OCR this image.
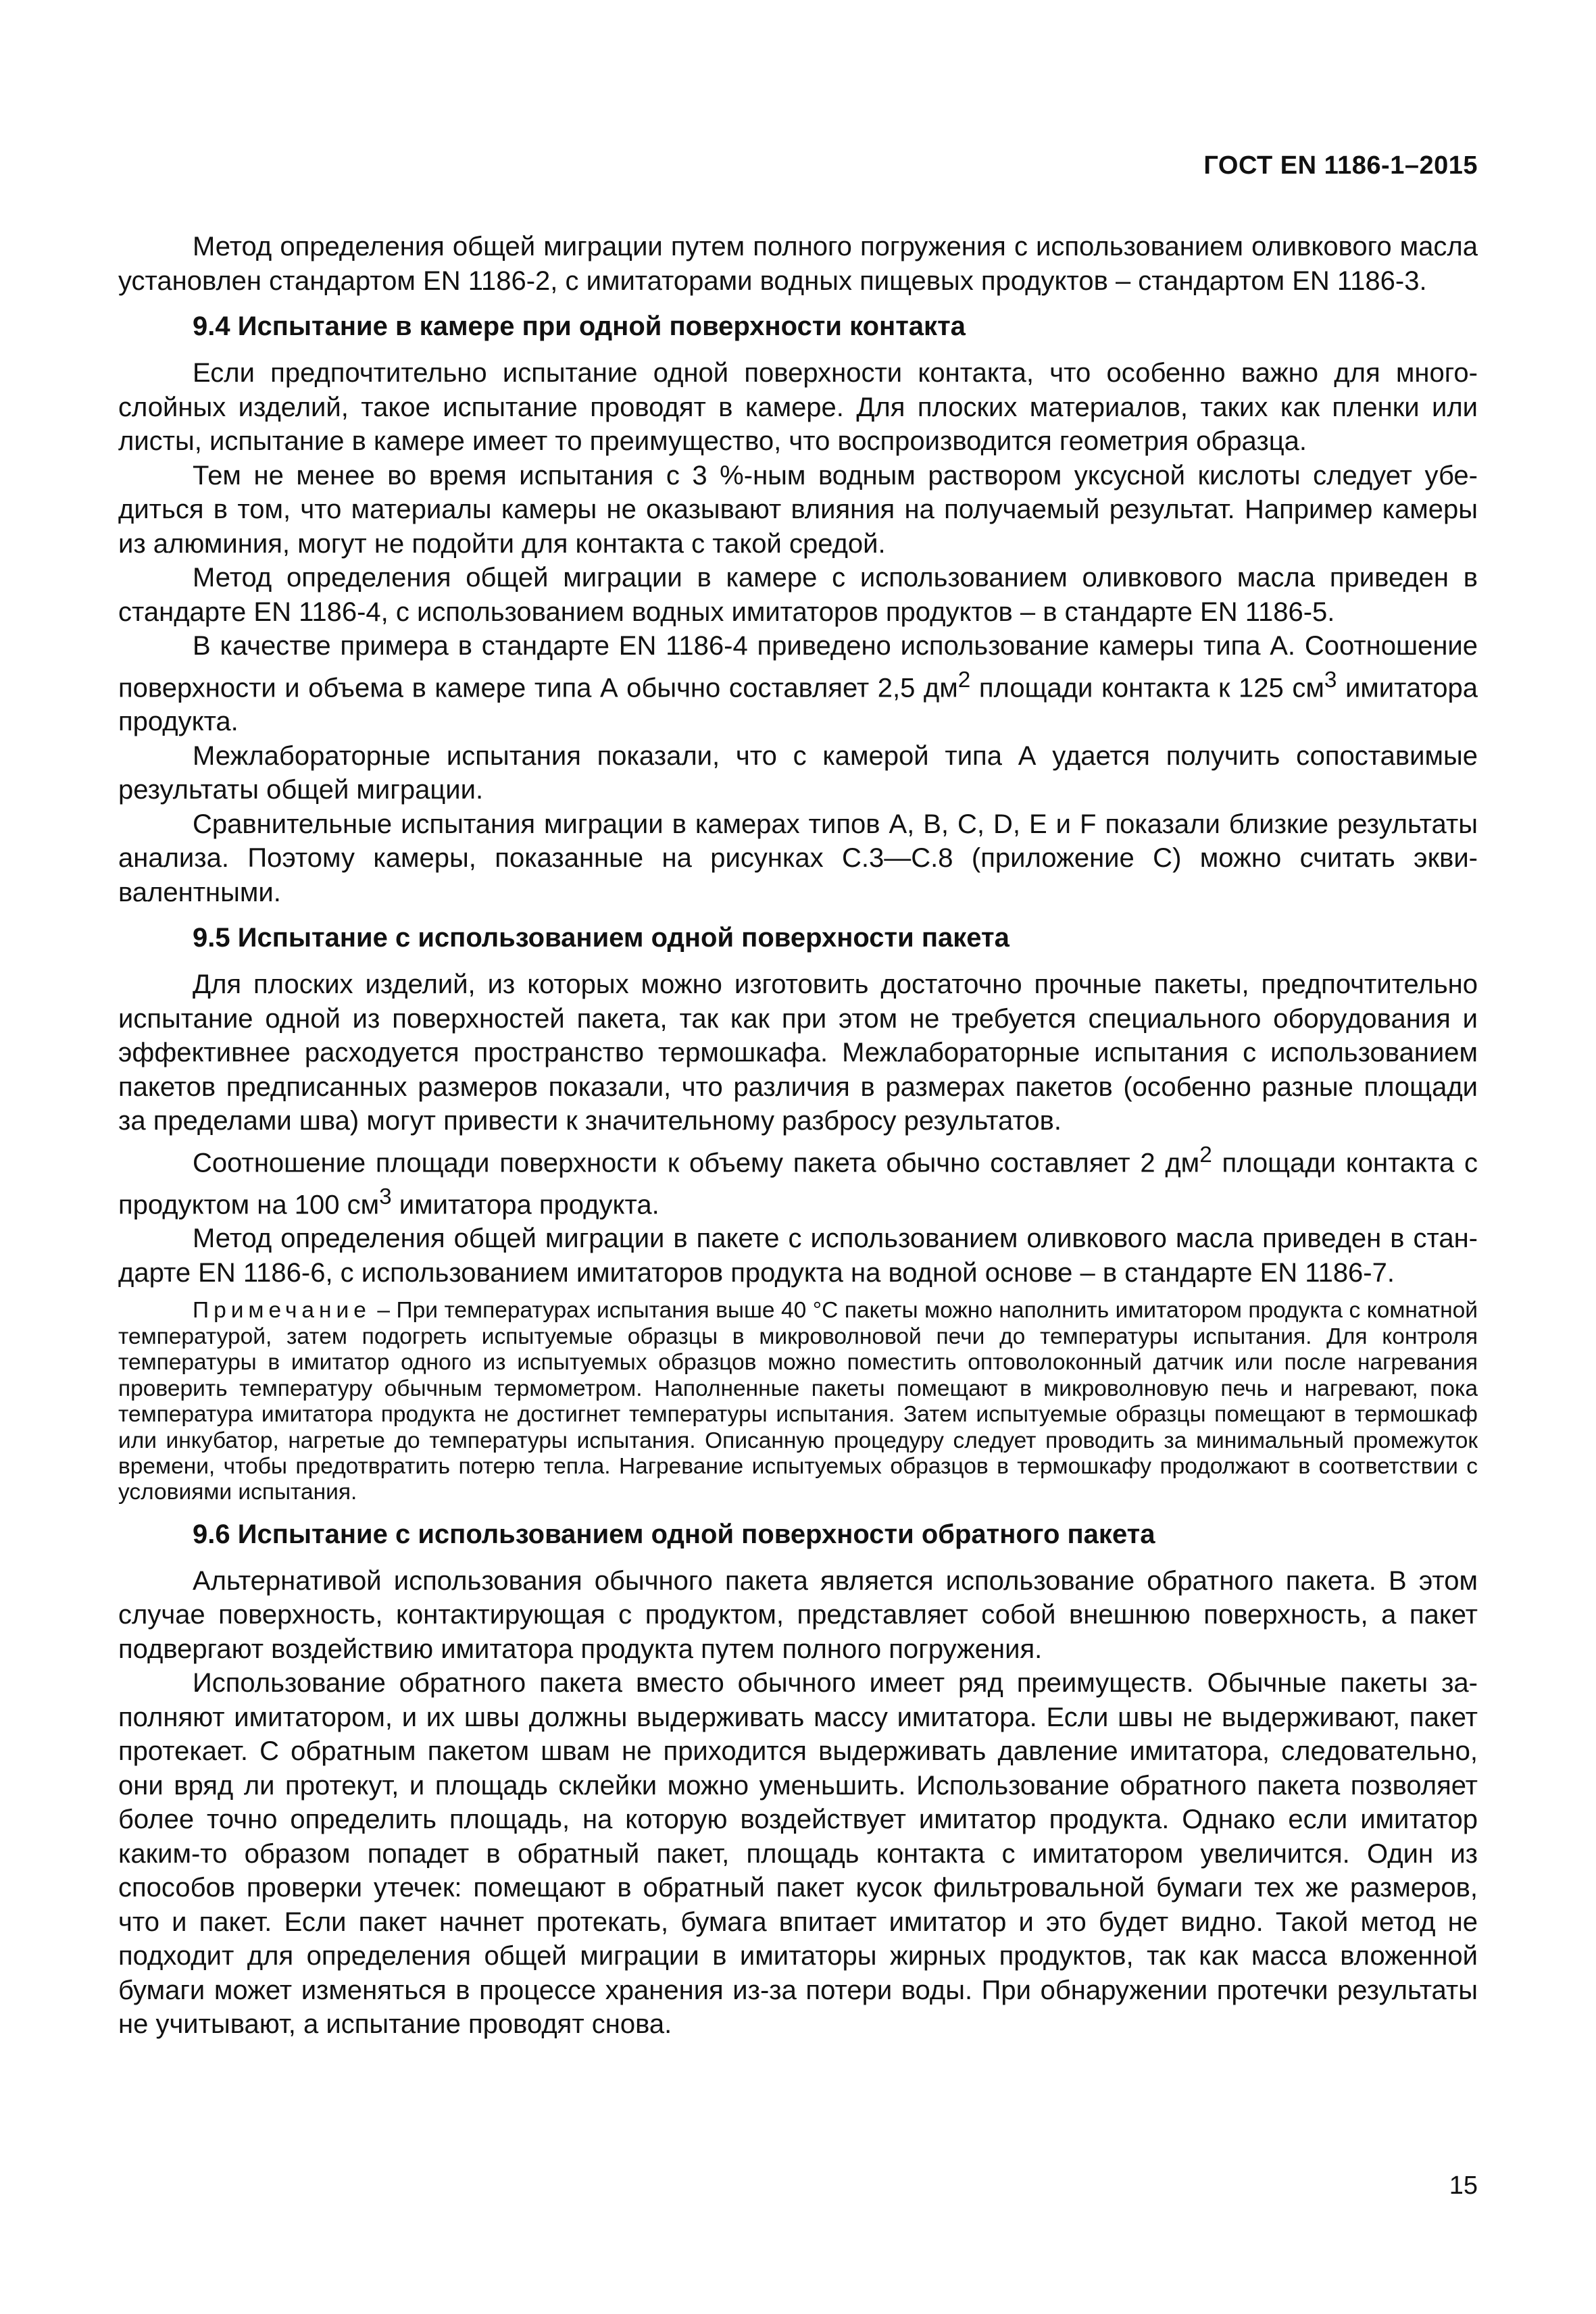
ГОСТ EN 1186-1–2015

Метод определения общей миграции путем полного погружения с использованием оливкового масла установлен стандартом EN 1186-2, с имитаторами водных пищевых продуктов – стандартом EN 1186-3.

9.4 Испытание в камере при одной поверхности контакта

Если предпочтительно испытание одной поверхности контакта, что особенно важно для многослойных изделий, такое испытание проводят в камере. Для плоских материалов, таких как пленки или листы, испытание в камере имеет то преимущество, что воспроизводится геометрия образца.

Тем не менее во время испытания с 3 %-ным водным раствором уксусной кислоты следует убедиться в том, что материалы камеры не оказывают влияния на получаемый результат. Например камеры из алюминия, могут не подойти для контакта с такой средой.

Метод определения общей миграции в камере с использованием оливкового масла приведен в стандарте EN 1186-4, с использованием водных имитаторов продуктов – в стандарте EN 1186-5.

В качестве примера в стандарте EN 1186-4 приведено использование камеры типа А. Соотношение поверхности и объема в камере типа А обычно составляет 2,5 $дм^2$ площади контакта к 125 $см^3$ имитатора продукта.

Межлабораторные испытания показали, что с камерой типа А удается получить сопоставимые результаты общей миграции.

Сравнительные испытания миграции в камерах типов А, В, С, D, Е и F показали близкие результаты анализа. Поэтому камеры, показанные на рисунках С.3—С.8 (приложение С) можно считать эквивалентными.

9.5 Испытание с использованием одной поверхности пакета

Для плоских изделий, из которых можно изготовить достаточно прочные пакеты, предпочтительно испытание одной из поверхностей пакета, так как при этом не требуется специального оборудования и эффективнее расходуется пространство термошкафа. Межлабораторные испытания с использованием пакетов предписанных размеров показали, что различия в размерах пакетов (особенно разные площади за пределами шва) могут привести к значительному разбросу результатов.

Соотношение площади поверхности к объему пакета обычно составляет 2 $дм^2$ площади контакта с продуктом на 100 $см^3$ имитатора продукта.

Метод определения общей миграции в пакете с использованием оливкового масла приведен в стандарте EN 1186-6, с использованием имитаторов продукта на водной основе – в стандарте EN 1186-7.

Примечание – При температурах испытания выше 40 °С пакеты можно наполнить имитатором продукта с комнатной температурой, затем подогреть испытуемые образцы в микроволновой печи до температуры испытания. Для контроля температуры в имитатор одного из испытуемых образцов можно поместить оптоволоконный датчик или после нагревания проверить температуру обычным термометром. Наполненные пакеты помещают в микроволновую печь и нагревают, пока температура имитатора продукта не достигнет температуры испытания. Затем испытуемые образцы помещают в термошкаф или инкубатор, нагретые до температуры испытания. Описанную процедуру следует проводить за минимальный промежуток времени, чтобы предотвратить потерю тепла. Нагревание испытуемых образцов в термошкафу продолжают в соответствии с условиями испытания.
9.6 Испытание с использованием одной поверхности обратного пакета

Альтернативой использования обычного пакета является использование обратного пакета. В этом случае поверхность, контактирующая с продуктом, представляет собой внешнюю поверхность, а пакет подвергают воздействию имитатора продукта путем полного погружения.

Использование обратного пакета вместо обычного имеет ряд преимуществ. Обычные пакеты заполняют имитатором, и их швы должны выдерживать массу имитатора. Если швы не выдерживают, пакет протекает. С обратным пакетом швам не приходится выдерживать давление имитатора, следовательно, они вряд ли протекут, и площадь склейки можно уменьшить. Использование обратного пакета позволяет более точно определить площадь, на которую воздействует имитатор продукта. Однако если имитатор каким-то образом попадет в обратный пакет, площадь контакта с имитатором увеличится. Один из способов проверки утечек: помещают в обратный пакет кусок фильтровальной бумаги тех же размеров, что и пакет. Если пакет начнет протекать, бумага впитает имитатор и это будет видно. Такой метод не подходит для определения общей миграции в имитаторы жирных продуктов, так как масса вложенной бумаги может изменяться в процессе хранения из-за потери воды. При обнаружении протечки результаты не учитывают, а испытание проводят снова.

15
